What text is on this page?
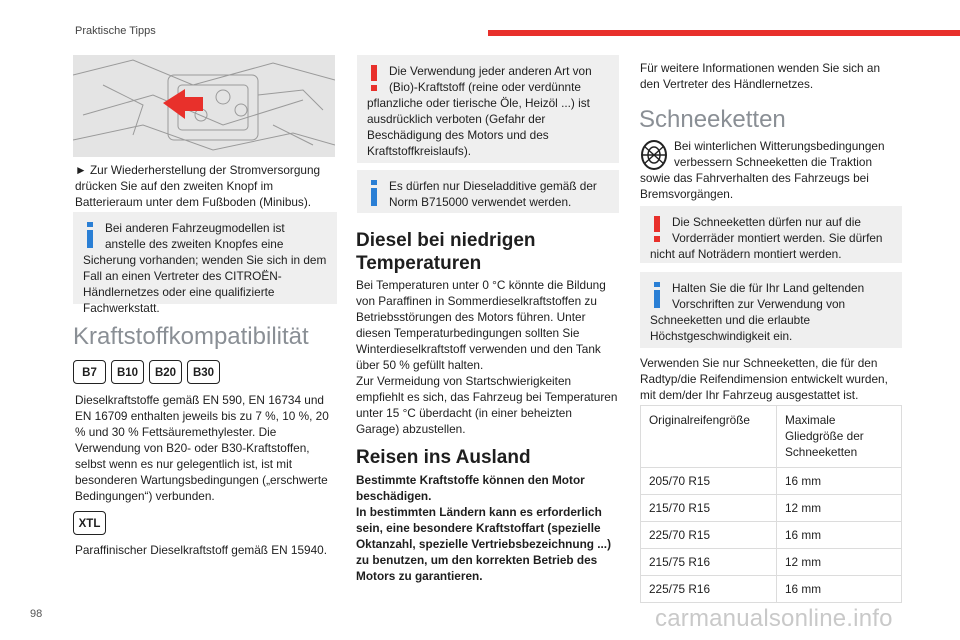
Praktische Tipps

► Zur Wiederherstellung der Stromversorgung drücken Sie auf den zweiten Knopf im Batterieraum unter dem Fußboden (Minibus).

Bei anderen Fahrzeugmodellen ist anstelle des zweiten Knopfes eine Sicherung vorhanden; wenden Sie sich in dem Fall an einen Vertreter des CITROËN-Händlernetzes oder eine qualifizierte Fachwerkstatt.

Kraftstoffkompatibilität
B7 B10 B20 B30

Dieselkraftstoffe gemäß EN 590, EN 16734 und EN 16709 enthalten jeweils bis zu 7 %, 10 %, 20 % und 30 % Fettsäuremethylester. Die Verwendung von B20- oder B30-Kraftstoffen, selbst wenn es nur gelegentlich ist, ist mit besonderen Wartungsbedingungen („erschwerte Bedingungen“) verbunden.

XTL

Paraffinischer Dieselkraftstoff gemäß EN 15940.

Die Verwendung jeder anderen Art von (Bio)-Kraftstoff (reine oder verdünnte pflanzliche oder tierische Öle, Heizöl ...) ist ausdrücklich verboten (Gefahr der Beschädigung des Motors und des Kraftstoffkreislaufs).

Es dürfen nur Dieseladditive gemäß der Norm B715000 verwendet werden.

Diesel bei niedrigen Temperaturen

Bei Temperaturen unter 0 °C könnte die Bildung von Paraffinen in Sommerdieselkraftstoffen zu Betriebsstörungen des Motors führen. Unter diesen Temperaturbedingungen sollten Sie Winterdieselkraftstoff verwenden und den Tank über 50 % gefüllt halten.

Zur Vermeidung von Startschwierigkeiten empfiehlt es sich, das Fahrzeug bei Temperaturen unter 15 °C überdacht (in einer beheizten Garage) abzustellen.

Reisen ins Ausland

Bestimmte Kraftstoffe können den Motor beschädigen.

In bestimmten Ländern kann es erforderlich sein, eine besondere Kraftstoffart (spezielle Oktanzahl, spezielle Vertriebsbezeichnung ...) zu benutzen, um den korrekten Betrieb des Motors zu garantieren.

Für weitere Informationen wenden Sie sich an den Vertreter des Händlernetzes.

Schneeketten

Bei winterlichen Witterungsbedingungen verbessern Schneeketten die Traktion sowie das Fahrverhalten des Fahrzeugs bei Bremsvorgängen.

Die Schneeketten dürfen nur auf die Vorderräder montiert werden. Sie dürfen nicht auf Noträdern montiert werden.

Halten Sie die für Ihr Land geltenden Vorschriften zur Verwendung von Schneeketten und die erlaubte Höchstgeschwindigkeit ein.

Verwenden Sie nur Schneeketten, die für den Radtyp/die Reifendimension entwickelt wurden, mit dem/der Ihr Fahrzeug ausgestattet ist.

Originalreifengröße	Maximale Gliedgröße der Schneeketten
205/70 R15	16 mm
215/70 R15	12 mm
225/70 R15	16 mm
215/75 R16	12 mm
225/75 R16	16 mm
98	carmanualsonline.info
